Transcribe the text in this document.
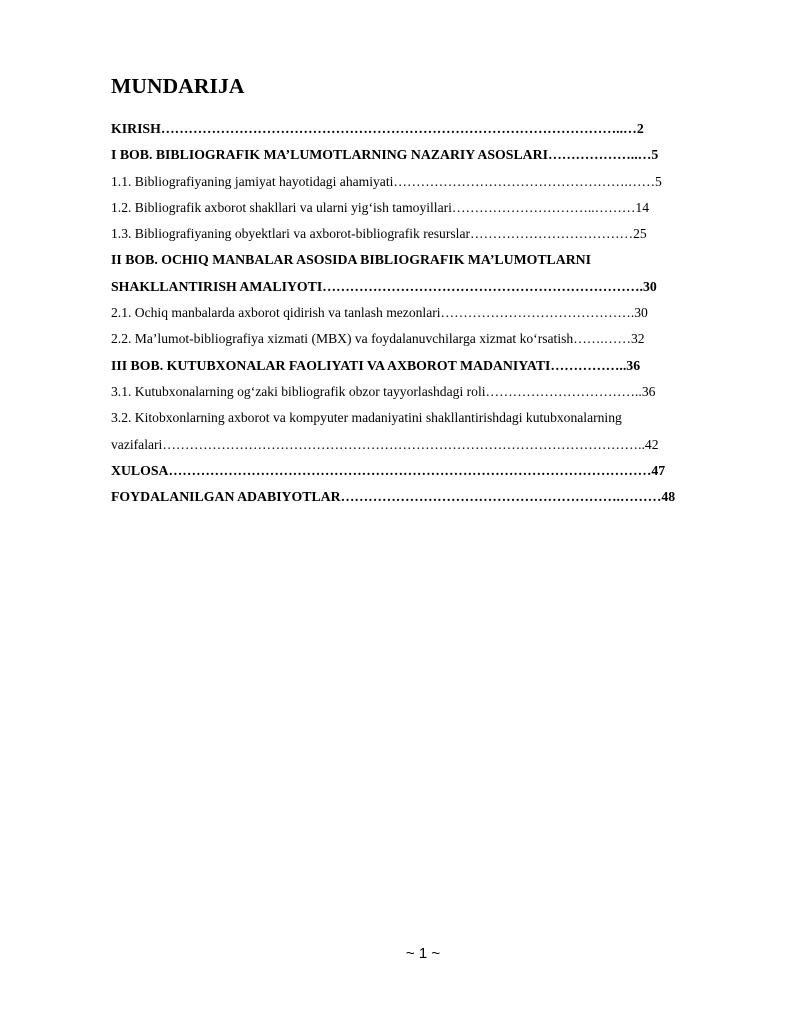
MUNDARIJA
KIRISH………………………………………………………………………………………..…2
I BOB. BIBLIOGRAFIK MA’LUMOTLARNING NAZARIY ASOSLARI………………..…5
1.1. Bibliografiyaning jamiyat hayotidagi ahamiyati…………………………………………….……5
1.2. Bibliografik axborot shakllari va ularni yig‘ish tamoyillari…………………………..………14
1.3. Bibliografiyaning obyektlari va axborot-bibliografik resurslar………………………………25
II BOB. OCHIQ MANBALAR ASOSIDA BIBLIOGRAFIK MA’LUMOTLARNI
SHAKLLANTIRISH AMALIYOTI…………………………………………………………….30
2.1. Ochiq manbalarda axborot qidirish va tanlash mezonlari…………………………………….30
2.2. Ma’lumot-bibliografiya xizmati (MBX) va foydalanuvchilarga xizmat ko‘rsatish…….……32
III BOB. KUTUBXONALAR FAOLIYATI VA AXBOROT MADANIYATI……………..36
3.1. Kutubxonalarning og‘zaki bibliografik obzor tayyorlashdagi roli……………………………..36
3.2. Kitobxonlarning axborot va kompyuter madaniyatini shakllantirishdagi kutubxonalarning
vazifalari……………………………………………………………………………………………..42
XULOSA……………………………………………………………………………………………47
FOYDALANILGAN ADABIYOTLAR…………………………………………………….………48
~ 1 ~
